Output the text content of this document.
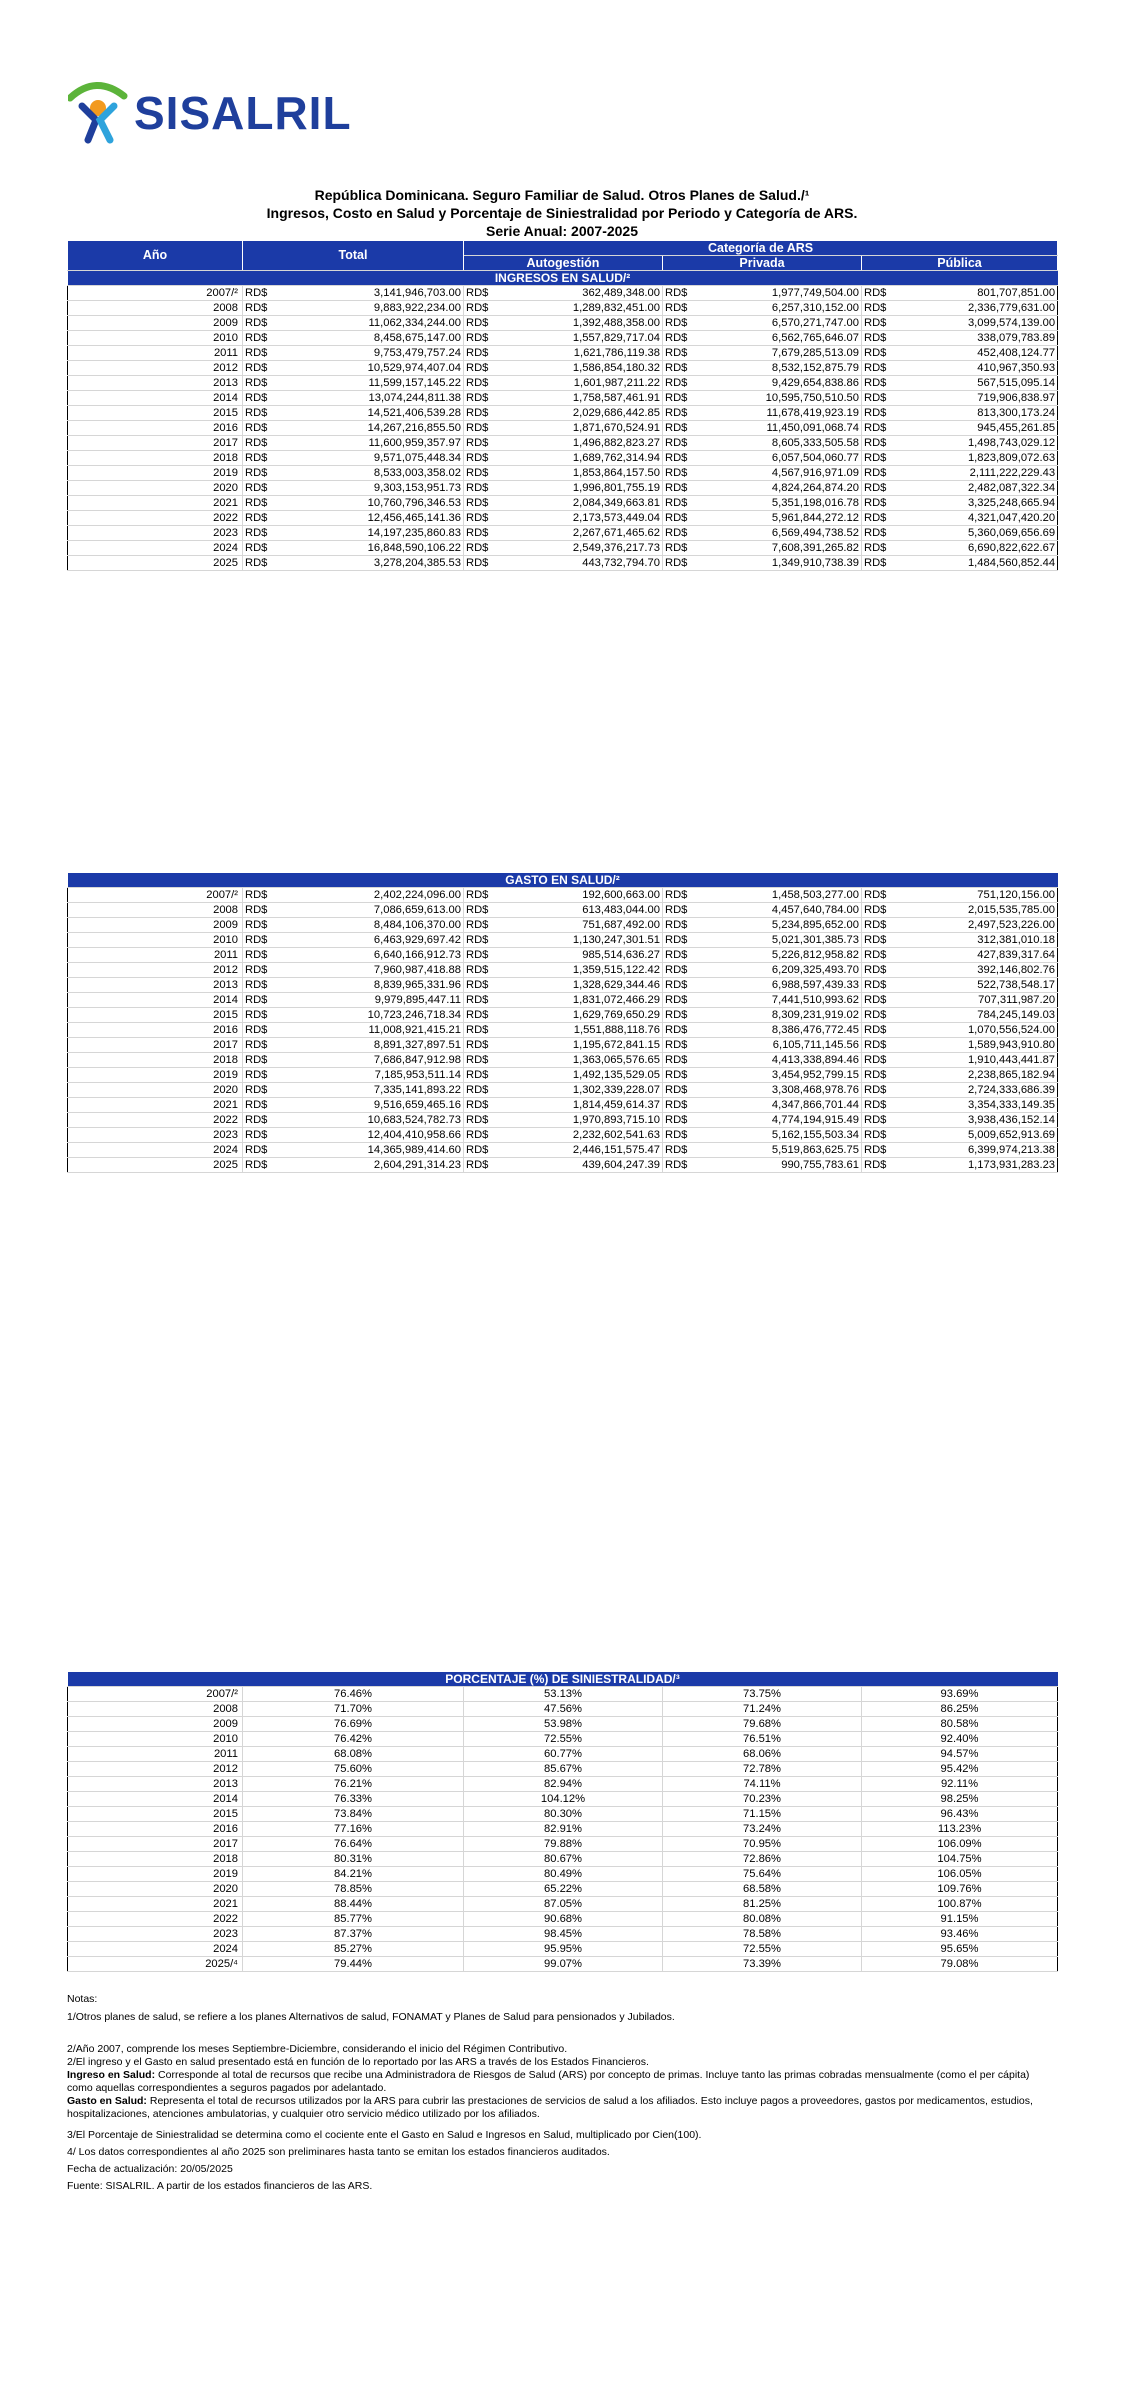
SISALRIL
República Dominicana. Seguro Familiar de Salud. Otros Planes de Salud./¹
Ingresos, Costo en Salud y Porcentaje de Siniestralidad por Periodo y Categoría de ARS.
Serie Anual: 2007-2025
Año	Total		Categoría de ARS					
			Autogestión		Privada		Pública	
INGRESOS EN SALUD/²								
2007/²	RD$	3,141,946,703.00	RD$	362,489,348.00	RD$	1,977,749,504.00	RD$	801,707,851.00
2008	RD$	9,883,922,234.00	RD$	1,289,832,451.00	RD$	6,257,310,152.00	RD$	2,336,779,631.00
2009	RD$	11,062,334,244.00	RD$	1,392,488,358.00	RD$	6,570,271,747.00	RD$	3,099,574,139.00
2010	RD$	8,458,675,147.00	RD$	1,557,829,717.04	RD$	6,562,765,646.07	RD$	338,079,783.89
2011	RD$	9,753,479,757.24	RD$	1,621,786,119.38	RD$	7,679,285,513.09	RD$	452,408,124.77
2012	RD$	10,529,974,407.04	RD$	1,586,854,180.32	RD$	8,532,152,875.79	RD$	410,967,350.93
2013	RD$	11,599,157,145.22	RD$	1,601,987,211.22	RD$	9,429,654,838.86	RD$	567,515,095.14
2014	RD$	13,074,244,811.38	RD$	1,758,587,461.91	RD$	10,595,750,510.50	RD$	719,906,838.97
2015	RD$	14,521,406,539.28	RD$	2,029,686,442.85	RD$	11,678,419,923.19	RD$	813,300,173.24
2016	RD$	14,267,216,855.50	RD$	1,871,670,524.91	RD$	11,450,091,068.74	RD$	945,455,261.85
2017	RD$	11,600,959,357.97	RD$	1,496,882,823.27	RD$	8,605,333,505.58	RD$	1,498,743,029.12
2018	RD$	9,571,075,448.34	RD$	1,689,762,314.94	RD$	6,057,504,060.77	RD$	1,823,809,072.63
2019	RD$	8,533,003,358.02	RD$	1,853,864,157.50	RD$	4,567,916,971.09	RD$	2,111,222,229.43
2020	RD$	9,303,153,951.73	RD$	1,996,801,755.19	RD$	4,824,264,874.20	RD$	2,482,087,322.34
2021	RD$	10,760,796,346.53	RD$	2,084,349,663.81	RD$	5,351,198,016.78	RD$	3,325,248,665.94
2022	RD$	12,456,465,141.36	RD$	2,173,573,449.04	RD$	5,961,844,272.12	RD$	4,321,047,420.20
2023	RD$	14,197,235,860.83	RD$	2,267,671,465.62	RD$	6,569,494,738.52	RD$	5,360,069,656.69
2024	RD$	16,848,590,106.22	RD$	2,549,376,217.73	RD$	7,608,391,265.82	RD$	6,690,822,622.67
2025	RD$	3,278,204,385.53	RD$	443,732,794.70	RD$	1,349,910,738.39	RD$	1,484,560,852.44
GASTO EN SALUD/²								
2007/²	RD$	2,402,224,096.00	RD$	192,600,663.00	RD$	1,458,503,277.00	RD$	751,120,156.00
2008	RD$	7,086,659,613.00	RD$	613,483,044.00	RD$	4,457,640,784.00	RD$	2,015,535,785.00
2009	RD$	8,484,106,370.00	RD$	751,687,492.00	RD$	5,234,895,652.00	RD$	2,497,523,226.00
2010	RD$	6,463,929,697.42	RD$	1,130,247,301.51	RD$	5,021,301,385.73	RD$	312,381,010.18
2011	RD$	6,640,166,912.73	RD$	985,514,636.27	RD$	5,226,812,958.82	RD$	427,839,317.64
2012	RD$	7,960,987,418.88	RD$	1,359,515,122.42	RD$	6,209,325,493.70	RD$	392,146,802.76
2013	RD$	8,839,965,331.96	RD$	1,328,629,344.46	RD$	6,988,597,439.33	RD$	522,738,548.17
2014	RD$	9,979,895,447.11	RD$	1,831,072,466.29	RD$	7,441,510,993.62	RD$	707,311,987.20
2015	RD$	10,723,246,718.34	RD$	1,629,769,650.29	RD$	8,309,231,919.02	RD$	784,245,149.03
2016	RD$	11,008,921,415.21	RD$	1,551,888,118.76	RD$	8,386,476,772.45	RD$	1,070,556,524.00
2017	RD$	8,891,327,897.51	RD$	1,195,672,841.15	RD$	6,105,711,145.56	RD$	1,589,943,910.80
2018	RD$	7,686,847,912.98	RD$	1,363,065,576.65	RD$	4,413,338,894.46	RD$	1,910,443,441.87
2019	RD$	7,185,953,511.14	RD$	1,492,135,529.05	RD$	3,454,952,799.15	RD$	2,238,865,182.94
2020	RD$	7,335,141,893.22	RD$	1,302,339,228.07	RD$	3,308,468,978.76	RD$	2,724,333,686.39
2021	RD$	9,516,659,465.16	RD$	1,814,459,614.37	RD$	4,347,866,701.44	RD$	3,354,333,149.35
2022	RD$	10,683,524,782.73	RD$	1,970,893,715.10	RD$	4,774,194,915.49	RD$	3,938,436,152.14
2023	RD$	12,404,410,958.66	RD$	2,232,602,541.63	RD$	5,162,155,503.34	RD$	5,009,652,913.69
2024	RD$	14,365,989,414.60	RD$	2,446,151,575.47	RD$	5,519,863,625.75	RD$	6,399,974,213.38
2025	RD$	2,604,291,314.23	RD$	439,604,247.39	RD$	990,755,783.61	RD$	1,173,931,283.23
PORCENTAJE (%) DE SINIESTRALIDAD/³				
2007/²	76.46%	53.13%	73.75%	93.69%
2008	71.70%	47.56%	71.24%	86.25%
2009	76.69%	53.98%	79.68%	80.58%
2010	76.42%	72.55%	76.51%	92.40%
2011	68.08%	60.77%	68.06%	94.57%
2012	75.60%	85.67%	72.78%	95.42%
2013	76.21%	82.94%	74.11%	92.11%
2014	76.33%	104.12%	70.23%	98.25%
2015	73.84%	80.30%	71.15%	96.43%
2016	77.16%	82.91%	73.24%	113.23%
2017	76.64%	79.88%	70.95%	106.09%
2018	80.31%	80.67%	72.86%	104.75%
2019	84.21%	80.49%	75.64%	106.05%
2020	78.85%	65.22%	68.58%	109.76%
2021	88.44%	87.05%	81.25%	100.87%
2022	85.77%	90.68%	80.08%	91.15%
2023	87.37%	98.45%	78.58%	93.46%
2024	85.27%	95.95%	72.55%	95.65%
2025/⁴	79.44%	99.07%	73.39%	79.08%

Notas:

1/Otros planes de salud, se refiere a los planes Alternativos de salud, FONAMAT y Planes de Salud para pensionados y Jubilados.

2/Año 2007, comprende los meses Septiembre-Diciembre, considerando el inicio del Régimen Contributivo.

2/El ingreso y el Gasto en salud presentado está en función de lo reportado por las ARS a través de los Estados Financieros.

Ingreso en Salud: Corresponde al total de recursos que recibe una Administradora de Riesgos de Salud (ARS) por concepto de primas. Incluye tanto las primas cobradas mensualmente (como el per cápita) como aquellas correspondientes a seguros pagados por adelantado.

Gasto en Salud: Representa el total de recursos utilizados por la ARS para cubrir las prestaciones de servicios de salud a los afiliados. Esto incluye pagos a proveedores, gastos por medicamentos, estudios, hospitalizaciones, atenciones ambulatorias, y cualquier otro servicio médico utilizado por los afiliados.

3/El Porcentaje de Siniestralidad se determina como el cociente ente el Gasto en Salud e Ingresos en Salud, multiplicado por Cien(100).

4/ Los datos correspondientes al año 2025 son preliminares hasta tanto se emitan los estados financieros auditados.

Fecha de actualización: 20/05/2025

Fuente: SISALRIL. A partir de los estados financieros de las ARS.
